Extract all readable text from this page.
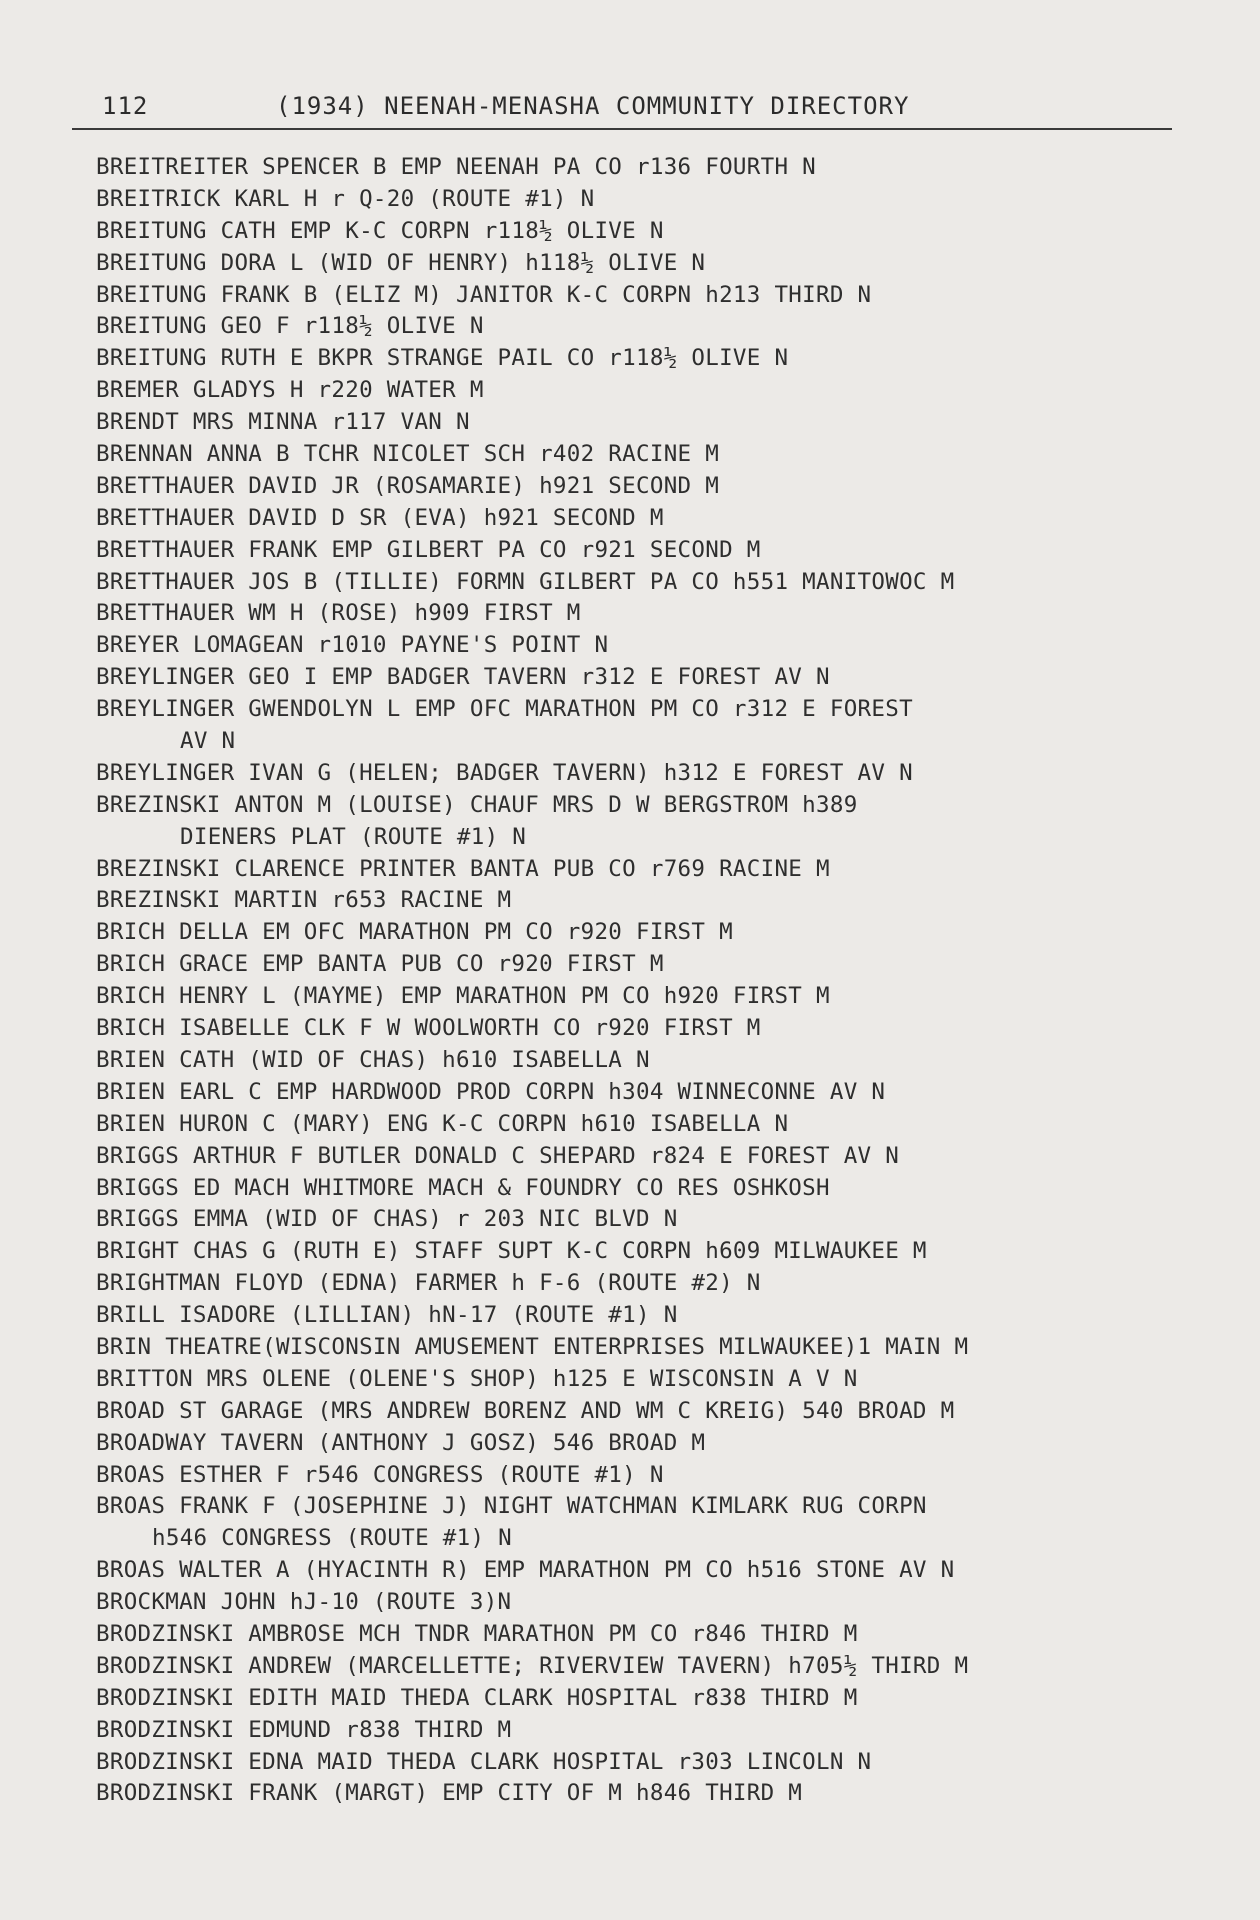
112

	(1934) NEENAH-MENASHA COMMUNITY DIRECTORY

BREITREITER SPENCER B EMP NEENAH PA CO r136 FOURTH N
BREITRICK KARL H r Q-20 (ROUTE #1) N
BREITUNG CATH EMP K-C CORPN r118½ OLIVE N
BREITUNG DORA L (WID OF HENRY) h118½ OLIVE N
BREITUNG FRANK B (ELIZ M) JANITOR K-C CORPN h213 THIRD N
BREITUNG GEO F r118½ OLIVE N
BREITUNG RUTH E BKPR STRANGE PAIL CO r118½ OLIVE N
BREMER GLADYS H r220 WATER M
BRENDT MRS MINNA r117 VAN N
BRENNAN ANNA B TCHR NICOLET SCH r402 RACINE M
BRETTHAUER DAVID JR (ROSAMARIE) h921 SECOND M
BRETTHAUER DAVID D SR (EVA) h921 SECOND M
BRETTHAUER FRANK EMP GILBERT PA CO r921 SECOND M
BRETTHAUER JOS B (TILLIE) FORMN GILBERT PA CO h551 MANITOWOC M
BRETTHAUER WM H (ROSE) h909 FIRST M
BREYER LOMAGEAN r1010 PAYNE'S POINT N
BREYLINGER GEO I EMP BADGER TAVERN r312 E FOREST AV N
BREYLINGER GWENDOLYN L EMP OFC MARATHON PM CO r312 E FOREST
AV N
BREYLINGER IVAN G (HELEN; BADGER TAVERN) h312 E FOREST AV N
BREZINSKI ANTON M (LOUISE) CHAUF MRS D W BERGSTROM h389
DIENERS PLAT (ROUTE #1) N
BREZINSKI CLARENCE PRINTER BANTA PUB CO r769 RACINE M
BREZINSKI MARTIN r653 RACINE M
BRICH DELLA EM OFC MARATHON PM CO r920 FIRST M
BRICH GRACE EMP BANTA PUB CO r920 FIRST M
BRICH HENRY L (MAYME) EMP MARATHON PM CO h920 FIRST M
BRICH ISABELLE CLK F W WOOLWORTH CO r920 FIRST M
BRIEN CATH (WID OF CHAS) h610 ISABELLA N
BRIEN EARL C EMP HARDWOOD PROD CORPN h304 WINNECONNE AV N
BRIEN HURON C (MARY) ENG K-C CORPN h610 ISABELLA N
BRIGGS ARTHUR F BUTLER DONALD C SHEPARD r824 E FOREST AV N
BRIGGS ED MACH WHITMORE MACH & FOUNDRY CO RES OSHKOSH
BRIGGS EMMA (WID OF CHAS) r 203 NIC BLVD N
BRIGHT CHAS G (RUTH E) STAFF SUPT K-C CORPN h609 MILWAUKEE M
BRIGHTMAN FLOYD (EDNA) FARMER h F-6 (ROUTE #2) N
BRILL ISADORE (LILLIAN) hN-17 (ROUTE #1) N
BRIN THEATRE(WISCONSIN AMUSEMENT ENTERPRISES MILWAUKEE)1 MAIN M
BRITTON MRS OLENE (OLENE'S SHOP) h125 E WISCONSIN A V N
BROAD ST GARAGE (MRS ANDREW BORENZ AND WM C KREIG) 540 BROAD M
BROADWAY TAVERN (ANTHONY J GOSZ) 546 BROAD M
BROAS ESTHER F r546 CONGRESS (ROUTE #1) N
BROAS FRANK F (JOSEPHINE J) NIGHT WATCHMAN KIMLARK RUG CORPN
h546 CONGRESS (ROUTE #1) N
BROAS WALTER A (HYACINTH R) EMP MARATHON PM CO h516 STONE AV N
BROCKMAN JOHN hJ-10 (ROUTE 3)N
BRODZINSKI AMBROSE MCH TNDR MARATHON PM CO r846 THIRD M
BRODZINSKI ANDREW (MARCELLETTE; RIVERVIEW TAVERN) h705½ THIRD M
BRODZINSKI EDITH MAID THEDA CLARK HOSPITAL r838 THIRD M
BRODZINSKI EDMUND r838 THIRD M
BRODZINSKI EDNA MAID THEDA CLARK HOSPITAL r303 LINCOLN N
BRODZINSKI FRANK (MARGT) EMP CITY OF M h846 THIRD M
